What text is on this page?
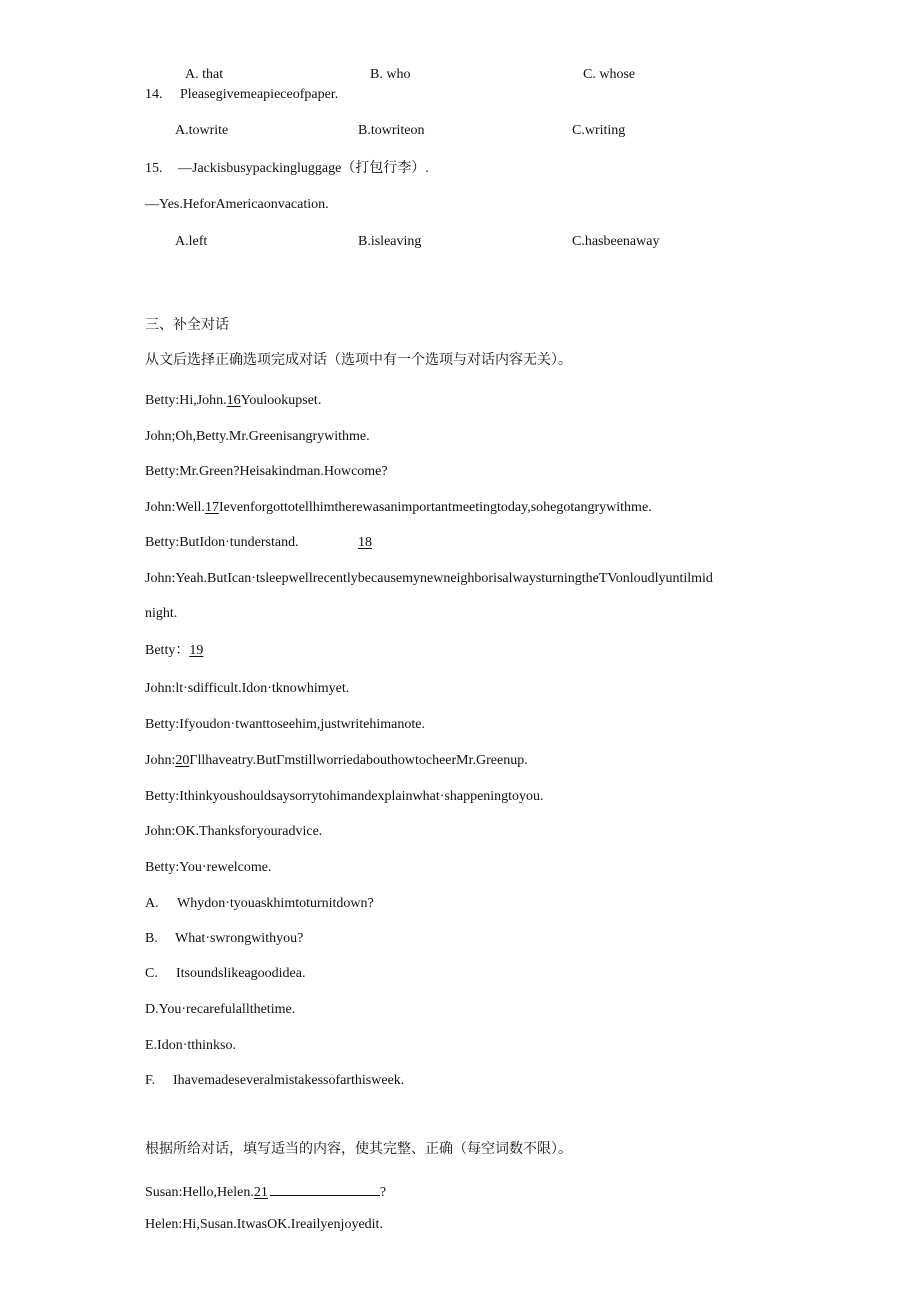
A. that	B. who	C. whose
14. Pleasegivemeapieceofpaper.
A.towrite	B.towriteon	C.writing
15. —Jackisbusypackingluggage（打包行李）.
—Yes.HeforAmericaonvacation.
A.left	B.isleaving	C.hasbeenaway
三、补全对话
从文后选择正确选项完成对话（选项中有一个选项与对话内容无关）。
Betty:Hi,John.16Youlookupset.
John;Oh,Betty.Mr.Greenisangrywithme.
Betty:Mr.Green?Heisakindman.Howcome?
John:Well.17Ievenforgottotellhimtherewasanimportantmeetingtoday,sohegotangrywithme.
Betty:ButIdon·tunderstand.	18
John:Yeah.ButIcan·tsleepwellrecentlybecausemynewneighborisalwaysturningtheTVonloudlyuntilmid
night.
Betty：19
John:lt·sdifficult.Idon·tknowhimyet.
Betty:Ifyoudon·twanttoseehim,justwritehimanote.
John:20Γllhaveatry.ButΓmstillworriedabouthowtocheerMr.Greenup.
Betty:Ithinkyoushouldsaysorrytohimandexplainwhat·shappeningtoyou.
John:OK.Thanksforyouradvice.
Betty:You·rewelcome.
A. Whydon·tyouaskhimtoturnitdown?
B. What·swrongwithyou?
C. Itsoundslikeagoodidea.
D.You·recarefulallthetime.
E.Idon·tthinkso.
F. Ihavemadeseveralmistakessofarthisweek.
根据所给对话，填写适当的内容，使其完整、正确（每空词数不限）。
Susan:Hello,Helen.21	?
Helen:Hi,Susan.ItwasOK.Ireailyenjoyedit.
